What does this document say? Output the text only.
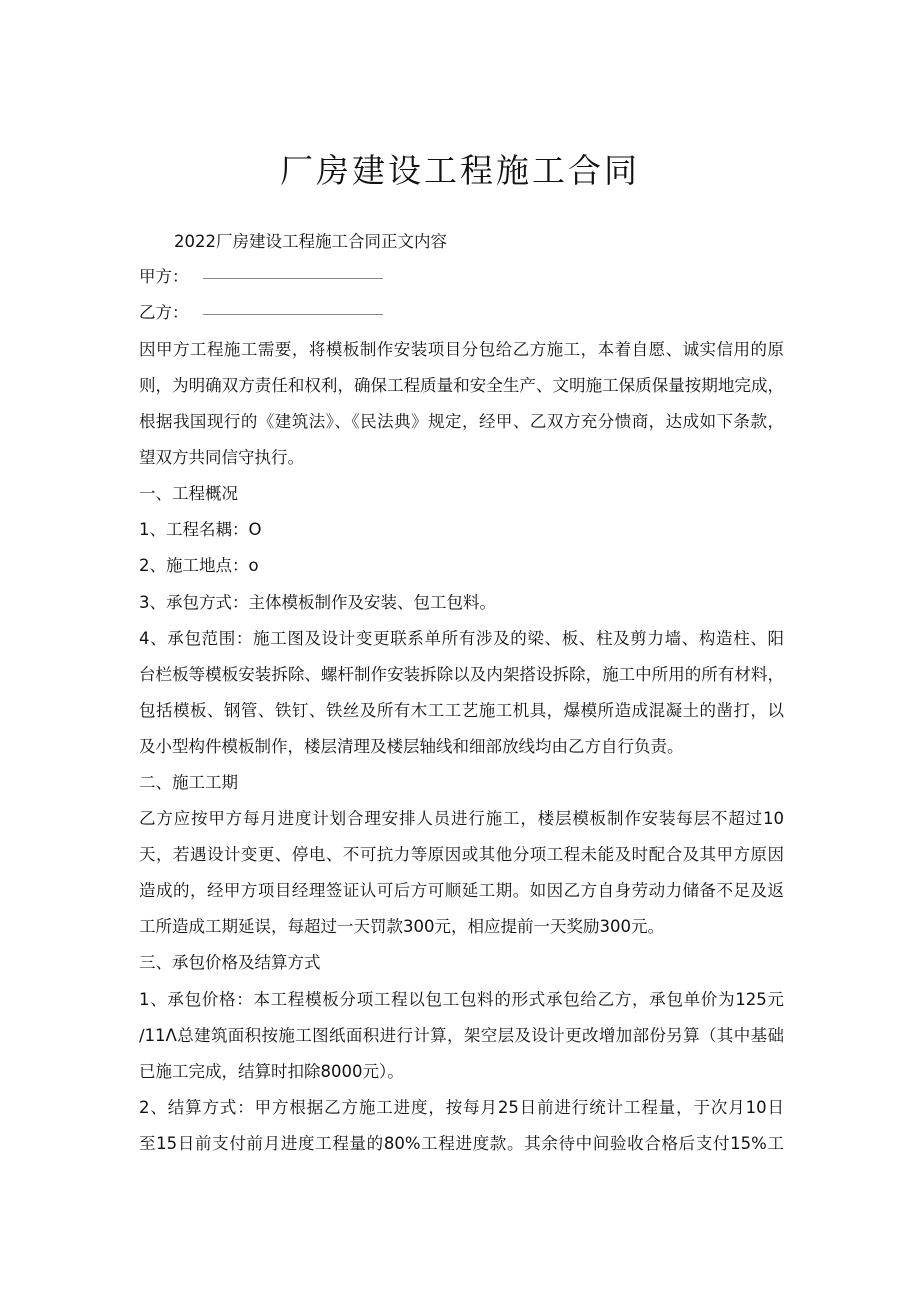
厂房建设工程施工合同
2022厂房建设工程施工合同正文内容
甲方：
乙方：
因甲方工程施工需要，将模板制作安装项目分包给乙方施工，本着自愿、诚实信用的原
则，为明确双方责任和权利，确保工程质量和安全生产、文明施工保质保量按期地完成，
根据我国现行的《建筑法》、《民法典》规定，经甲、乙双方充分愦商，达成如下条款，
望双方共同信守执行。
一、工程概况
1、工程名耦：O
2、施工地点：o
3、承包方式：主体模板制作及安装、包工包料。
4、承包范围：施工图及设计变更联系单所有涉及的梁、板、柱及剪力墙、构造柱、阳
台栏板等模板安装拆除、螺杆制作安装拆除以及内架搭设拆除，施工中所用的所有材料，
包括模板、钢管、铁钉、铁丝及所有木工工艺施工机具，爆模所造成混凝土的凿打，以
及小型构件模板制作，楼层清理及楼层轴线和细部放线均由乙方自行负责。
二、施工工期
乙方应按甲方每月进度计划合理安排人员进行施工，楼层模板制作安装每层不超过10
天，若遇设计变更、停电、不可抗力等原因或其他分项工程未能及时配合及其甲方原因
造成的，经甲方项目经理签证认可后方可顺延工期。如因乙方自身劳动力储备不足及返
工所造成工期延误，每超过一天罚款300元，相应提前一天奖励300元。
三、承包价格及结算方式
1、承包价格：本工程模板分项工程以包工包料的形式承包给乙方，承包单价为125元
∕11Λ总建筑面积按施工图纸面积进行计算，架空层及设计更改增加部份另算（其中基础
已施工完成，结算时扣除8000元）。
2、结算方式：甲方根据乙方施工进度，按每月25日前进行统计工程量，于次月10日
至15日前支付前月进度工程量的80%工程进度款。其余待中间验收合格后支付15%工
